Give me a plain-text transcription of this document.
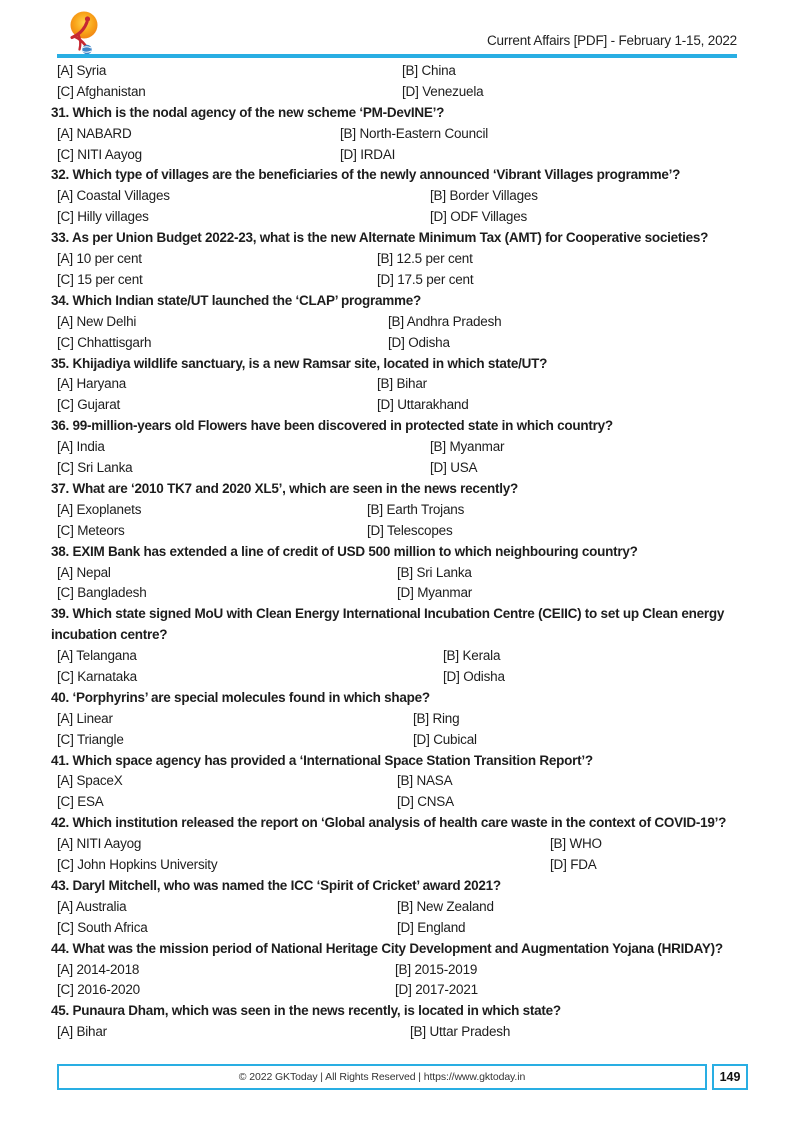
Current Affairs [PDF] - February 1-15, 2022
[A] Syria	[B] China
[C] Afghanistan	[D] Venezuela
31. Which is the nodal agency of the new scheme ‘PM-DevINE’?
[A] NABARD	[B] North-Eastern Council
[C] NITI Aayog	[D] IRDAI
32. Which type of villages are the beneficiaries of the newly announced ‘Vibrant Villages programme’?
[A] Coastal Villages	[B] Border Villages
[C] Hilly villages	[D] ODF Villages
33. As per Union Budget 2022-23, what is the new Alternate Minimum Tax (AMT) for Cooperative societies?
[A] 10 per cent	[B] 12.5 per cent
[C] 15 per cent	[D] 17.5 per cent
34. Which Indian state/UT launched the ‘CLAP’ programme?
[A] New Delhi	[B] Andhra Pradesh
[C] Chhattisgarh	[D] Odisha
35. Khijadiya wildlife sanctuary, is a new Ramsar site, located in which state/UT?
[A] Haryana	[B] Bihar
[C] Gujarat	[D] Uttarakhand
36. 99-million-years old Flowers have been discovered in protected state in which country?
[A] India	[B] Myanmar
[C] Sri Lanka	[D] USA
37. What are ‘2010 TK7 and 2020 XL5’, which are seen in the news recently?
[A] Exoplanets	[B] Earth Trojans
[C] Meteors	[D] Telescopes
38. EXIM Bank has extended a line of credit of USD 500 million to which neighbouring country?
[A] Nepal	[B] Sri Lanka
[C] Bangladesh	[D] Myanmar
39. Which state signed MoU with Clean Energy International Incubation Centre (CEIIC) to set up Clean energy incubation centre?
[A] Telangana	[B] Kerala
[C] Karnataka	[D] Odisha
40. ‘Porphyrins’ are special molecules found in which shape?
[A] Linear	[B] Ring
[C] Triangle	[D] Cubical
41. Which space agency has provided a ‘International Space Station Transition Report’?
[A] SpaceX	[B] NASA
[C] ESA	[D] CNSA
42. Which institution released the report on ‘Global analysis of health care waste in the context of COVID-19’?
[A] NITI Aayog	[B] WHO
[C] John Hopkins University	[D] FDA
43. Daryl Mitchell, who was named the ICC ‘Spirit of Cricket’ award 2021?
[A] Australia	[B] New Zealand
[C] South Africa	[D] England
44. What was the mission period of National Heritage City Development and Augmentation Yojana (HRIDAY)?
[A] 2014-2018	[B] 2015-2019
[C] 2016-2020	[D] 2017-2021
45. Punaura Dham, which was seen in the news recently, is located in which state?
[A] Bihar	[B] Uttar Pradesh
© 2022 GKToday | All Rights Reserved | https://www.gktoday.in	149
